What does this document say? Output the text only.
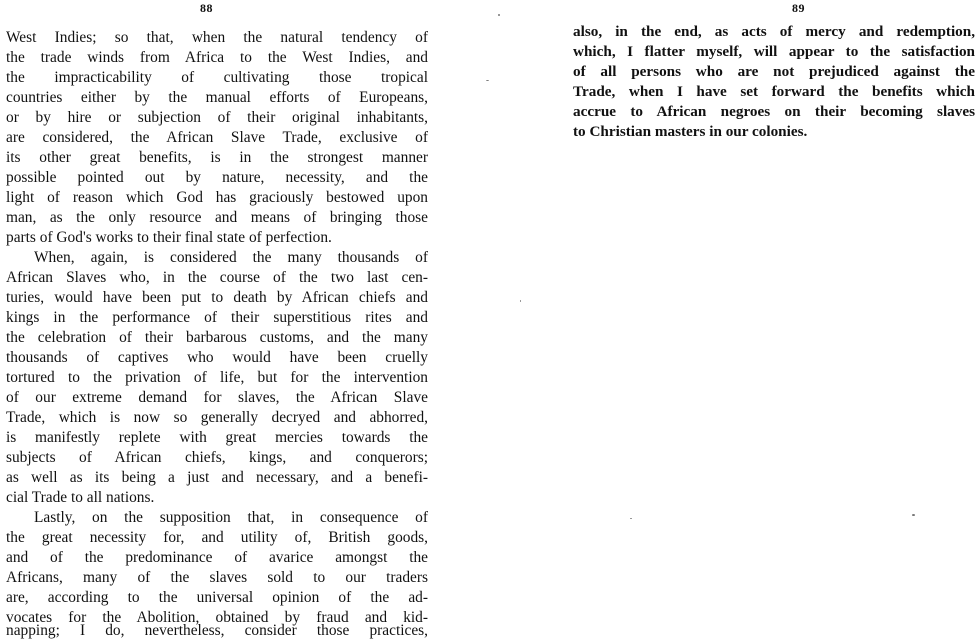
88
West Indies; so that, when the natural tendency of
the trade winds from Africa to the West Indies, and
the impracticability of cultivating those tropical
countries either by the manual efforts of Europeans,
or by hire or subjection of their original inhabitants,
are considered, the African Slave Trade, exclusive of
its other great benefits, is in the strongest manner
possible pointed out by nature, necessity, and the
light of reason which God has graciously bestowed upon
man, as the only resource and means of bringing those
parts of God's works to their final state of perfection.
When, again, is considered the many thousands of
African Slaves who, in the course of the two last cen-
turies, would have been put to death by African chiefs and
kings in the performance of their superstitious rites and
the celebration of their barbarous customs, and the many
thousands of captives who would have been cruelly
tortured to the privation of life, but for the intervention
of our extreme demand for slaves, the African Slave
Trade, which is now so generally decryed and abhorred,
is manifestly replete with great mercies towards the
subjects of African chiefs, kings, and conquerors;
as well as its being a just and necessary, and a benefi-
cial Trade to all nations.
Lastly, on the supposition that, in consequence of
the great necessity for, and utility of, British goods,
and of the predominance of avarice amongst the
Africans, many of the slaves sold to our traders
are, according to the universal opinion of the ad-
vocates for the Abolition, obtained by fraud and kid-
napping; I do, nevertheless, consider those practices,
89
also, in the end, as acts of mercy and redemption,
which, I flatter myself, will appear to the satisfaction
of all persons who are not prejudiced against the
Trade, when I have set forward the benefits which
accrue to African negroes on their becoming slaves
to Christian masters in our colonies.
